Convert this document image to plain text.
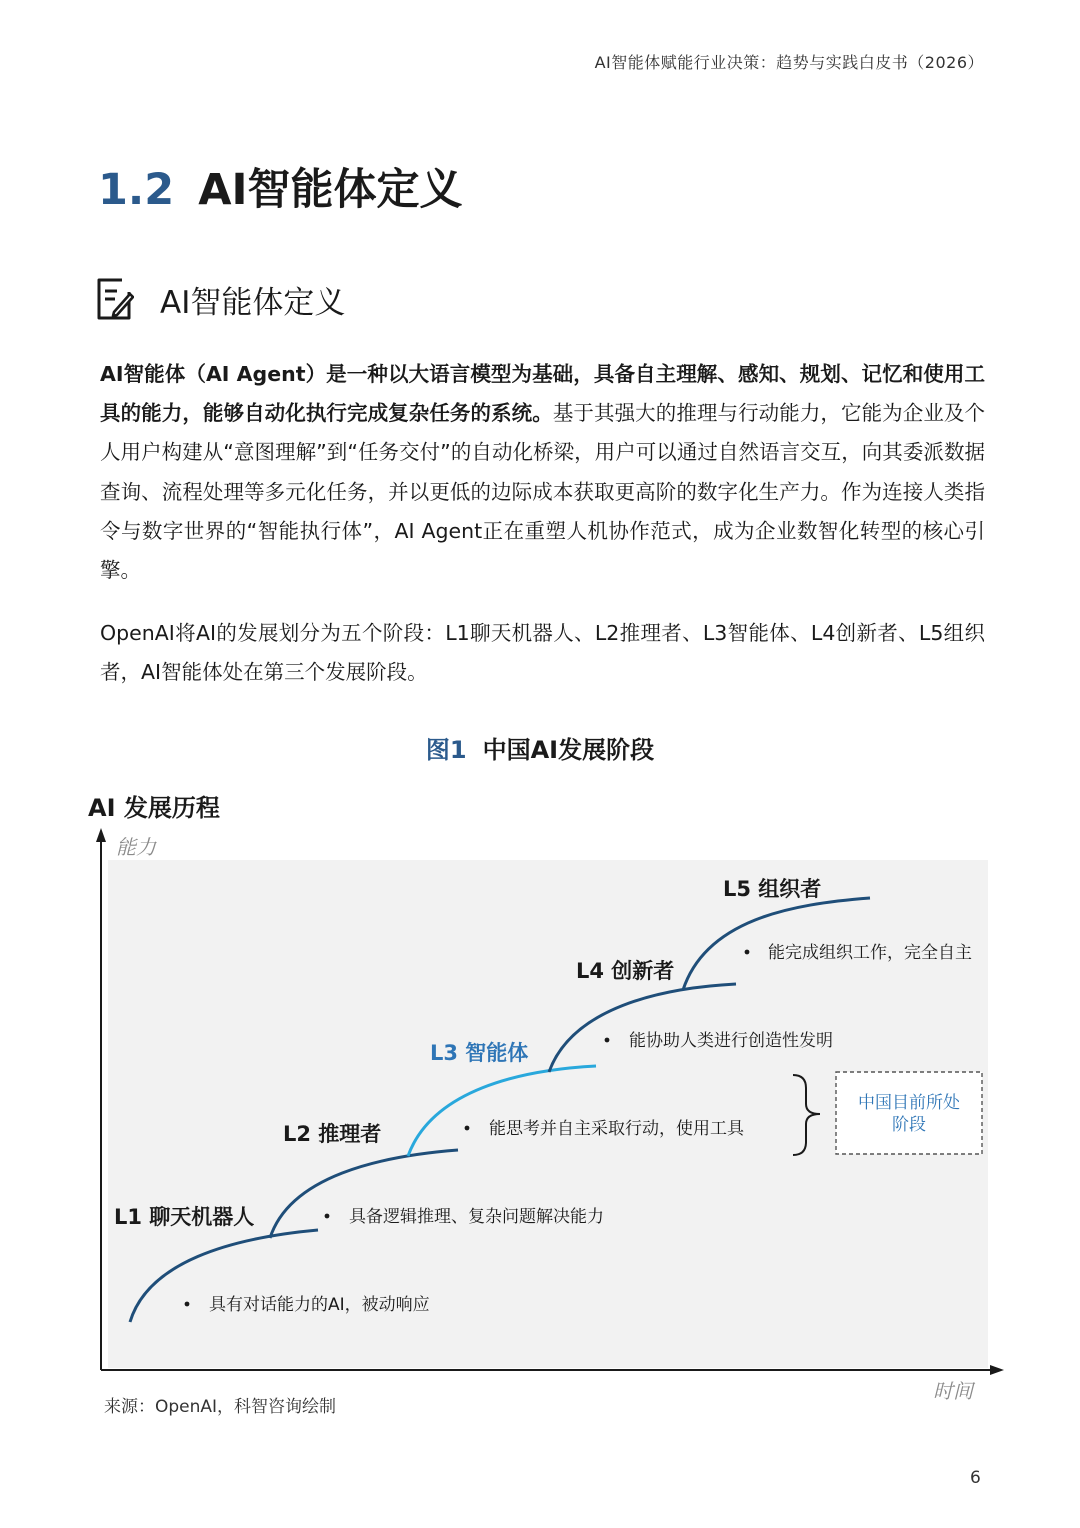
AI智能体赋能行业决策：趋势与实践白皮书（2026）
1.2 AI智能体定义
AI智能体定义
AI智能体（AI Agent）是一种以大语言模型为基础，具备自主理解、感知、规划、记忆和使用工具的能力，能够自动化执行完成复杂任务的系统。基于其强大的推理与行动能力，它能为企业及个人用户构建从“意图理解”到“任务交付”的自动化桥梁，用户可以通过自然语言交互，向其委派数据查询、流程处理等多元化任务，并以更低的边际成本获取更高阶的数字化生产力。作为连接人类指令与数字世界的“智能执行体”，AI Agent正在重塑人机协作范式，成为企业数智化转型的核心引擎。
OpenAI将AI的发展划分为五个阶段：L1聊天机器人、L2推理者、L3智能体、L4创新者、L5组织者，AI智能体处在第三个发展阶段。
图1 中国AI发展阶段
AI 发展历程
能力
时间
L1 聊天机器人
L2 推理者
L3 智能体
L4 创新者
L5 组织者
具有对话能力的AI，被动响应
具备逻辑推理、复杂问题解决能力
能思考并自主采取行动，使用工具
能协助人类进行创造性发明
能完成组织工作，完全自主
中国目前所处
阶段
来源：OpenAI，科智咨询绘制
6
